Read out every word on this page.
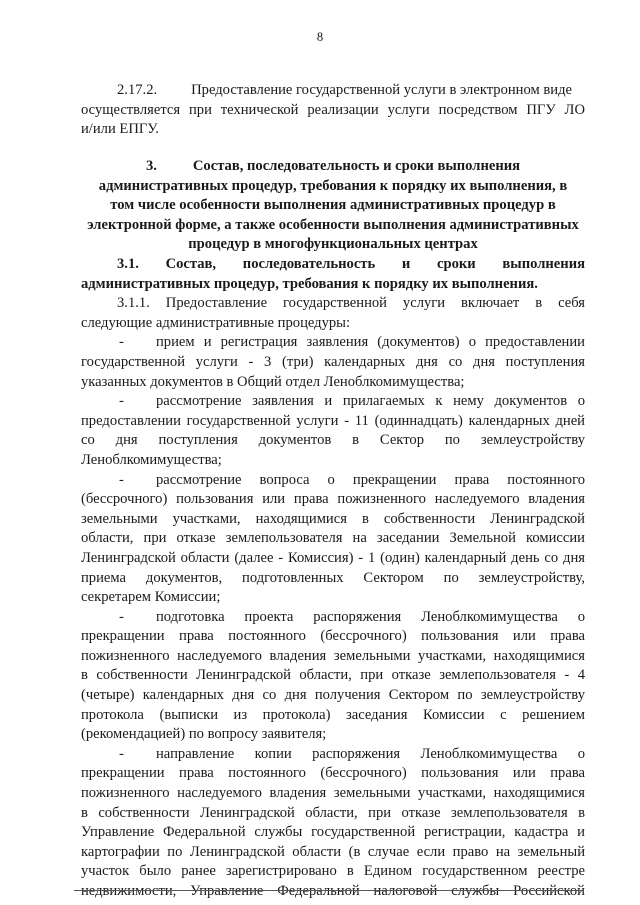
8

2.17.2. Предоставление государственной услуги в электронном виде

осуществляется при технической реализации услуги посредством ПГУ ЛО

и/или ЕПГУ.

3. Состав, последовательность и сроки выполнения

административных процедур, требования к порядку их выполнения, в

том числе особенности выполнения административных процедур в

электронной форме, а также особенности выполнения административных

процедур в многофункциональных центрах

3.1. Состав, последовательность и сроки выполнения

административных процедур, требования к порядку их выполнения.

3.1.1. Предоставление государственной услуги включает в себя

следующие административные процедуры:

-	прием и регистрация заявления (документов) о предоставлении

государственной услуги - 3 (три) календарных дня со дня поступления

указанных документов в Общий отдел Леноблкомимущества;

-	рассмотрение заявления и прилагаемых к нему документов о

предоставлении государственной услуги - 11 (одиннадцать) календарных дней

со дня поступления документов в Сектор по землеустройству

Леноблкомимущества;

-	рассмотрение вопроса о прекращении права постоянного

(бессрочного) пользования или права пожизненного наследуемого владения

земельными участками, находящимися в собственности Ленинградской

области, при отказе землепользователя на заседании Земельной комиссии

Ленинградской области (далее - Комиссия) - 1 (один) календарный день со дня

приема документов, подготовленных Сектором по землеустройству,

секретарем Комиссии;

-	подготовка проекта распоряжения Леноблкомимущества о

прекращении права постоянного (бессрочного) пользования или права

пожизненного наследуемого владения земельными участками, находящимися

в собственности Ленинградской области, при отказе землепользователя - 4

(четыре) календарных дня со дня получения Сектором по землеустройству

протокола (выписки из протокола) заседания Комиссии с решением

(рекомендацией) по вопросу заявителя;

-	направление копии распоряжения Леноблкомимущества о

прекращении права постоянного (бессрочного) пользования или права

пожизненного наследуемого владения земельными участками, находящимися

в собственности Ленинградской области, при отказе землепользователя в

Управление Федеральной службы государственной регистрации, кадастра и

картографии по Ленинградской области (в случае если право на земельный

участок было ранее зарегистрировано в Едином государственном реестре

недвижимости, Управление Федеральной налоговой службы Российской
